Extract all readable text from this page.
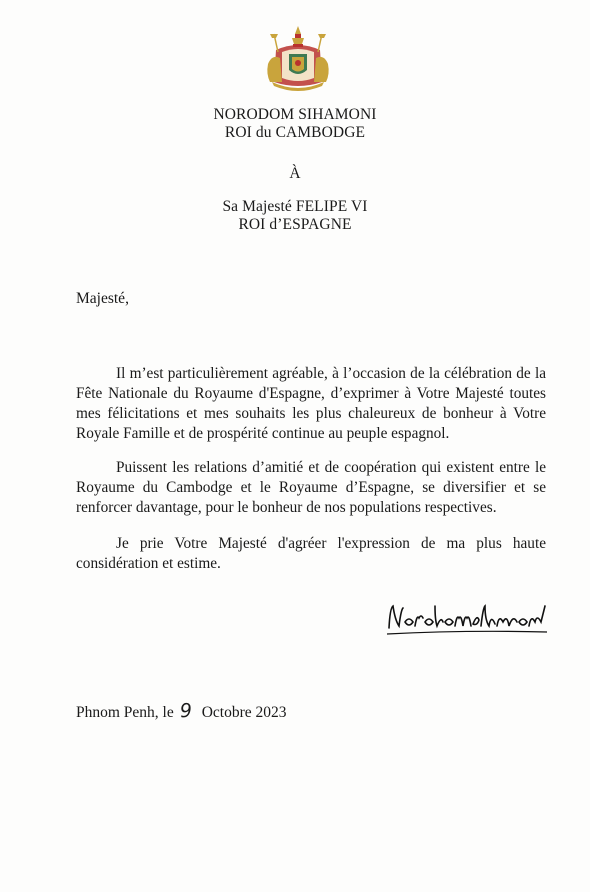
NORODOM SIHAMONI
ROI du CAMBODGE
À
Sa Majesté FELIPE VI
ROI d’ESPAGNE
Majesté,
Il m’est particulièrement agréable, à l’occasion de la célébration de la Fête Nationale du Royaume d'Espagne, d’exprimer à Votre Majesté toutes mes félicitations et mes souhaits les plus chaleureux de bonheur à Votre Royale Famille et de prospérité continue au peuple espagnol.
Puissent les relations d’amitié et de coopération qui existent entre le Royaume du Cambodge et le Royaume d’Espagne, se diversifier et se renforcer davantage, pour le bonheur de nos populations respectives.
Je prie Votre Majesté d'agréer l'expression de ma plus haute considération et estime.
Phnom Penh, le 9 Octobre 2023
